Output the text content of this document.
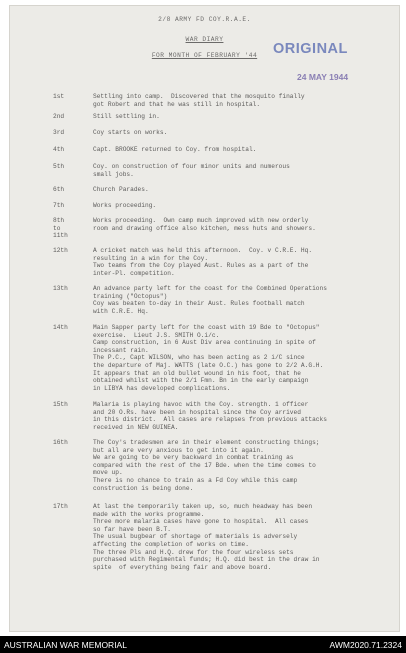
2/8 ARMY FD COY.R.A.E.
WAR DIARY
FOR MONTH OF FEBRUARY '44	ORIGINAL
24 MAY 1944
1st	Settling into camp.  Discovered that the mosquito finally
got Robert and that he was still in hospital.
2nd	Still settling in.
3rd	Coy starts on works.
4th	Capt. BROOKE returned to Coy. from hospital.
5th	Coy. on construction of four minor units and numerous
small jobs.
6th	Church Parades.
7th	Works proceeding.
8th
to
11th
Works proceeding.  Own camp much improved with new orderly
room and drawing office also kitchen, mess huts and showers.
12th	A cricket match was held this afternoon.  Coy. v C.R.E. Hq.
resulting in a win for the Coy.
Two teams from the Coy played Aust. Rules as a part of the
inter-Pl. competition.
13th	An advance party left for the coast for the Combined Operations
training ("Octopus")
Coy was beaten to-day in their Aust. Rules football match
with C.R.E. Hq.
14th	Main Sapper party left for the coast with 19 Bde to "Octopus"
exercise.  Lieut J.S. SMITH O.i/c.
Camp construction, in 6 Aust Div area continuing in spite of
incessant rain.
The P.C., Capt WILSON, who has been acting as 2 i/C since
the departure of Maj. WATTS (late O.C.) has gone to 2/2 A.G.H.
It appears that an old bullet wound in his foot, that he
obtained whilst with the 2/1 Fmn. Bn in the early campaign
in LIBYA has developed complications.
15th	Malaria is playing havoc with the Coy. strength. 1 officer
and 20 O.Rs. have been in hospital since the Coy arrived
in this district.  All cases are relapses from previous attacks
received in NEW GUINEA.
16th	The Coy's tradesmen are in their element constructing things;
but all are very anxious to get into it again.
We are going to be very backward in combat training as
compared with the rest of the 17 Bde. when the time comes to
move up.
There is no chance to train as a Fd Coy while this camp
construction is being done.
17th	At last the temporarily taken up, so, much headway has been
made with the works programme.
Three more malaria cases have gone to hospital.  All cases
so far have been B.T.
The usual bugbear of shortage of materials is adversely
affecting the completion of works on time.
The three Pls and H.Q. drew for the four wireless sets
purchased with Regimental funds; H.Q. did best in the draw in
spite  of everything being fair and above board.
AUSTRALIAN WAR MEMORIAL	AWM2020.71.2324
